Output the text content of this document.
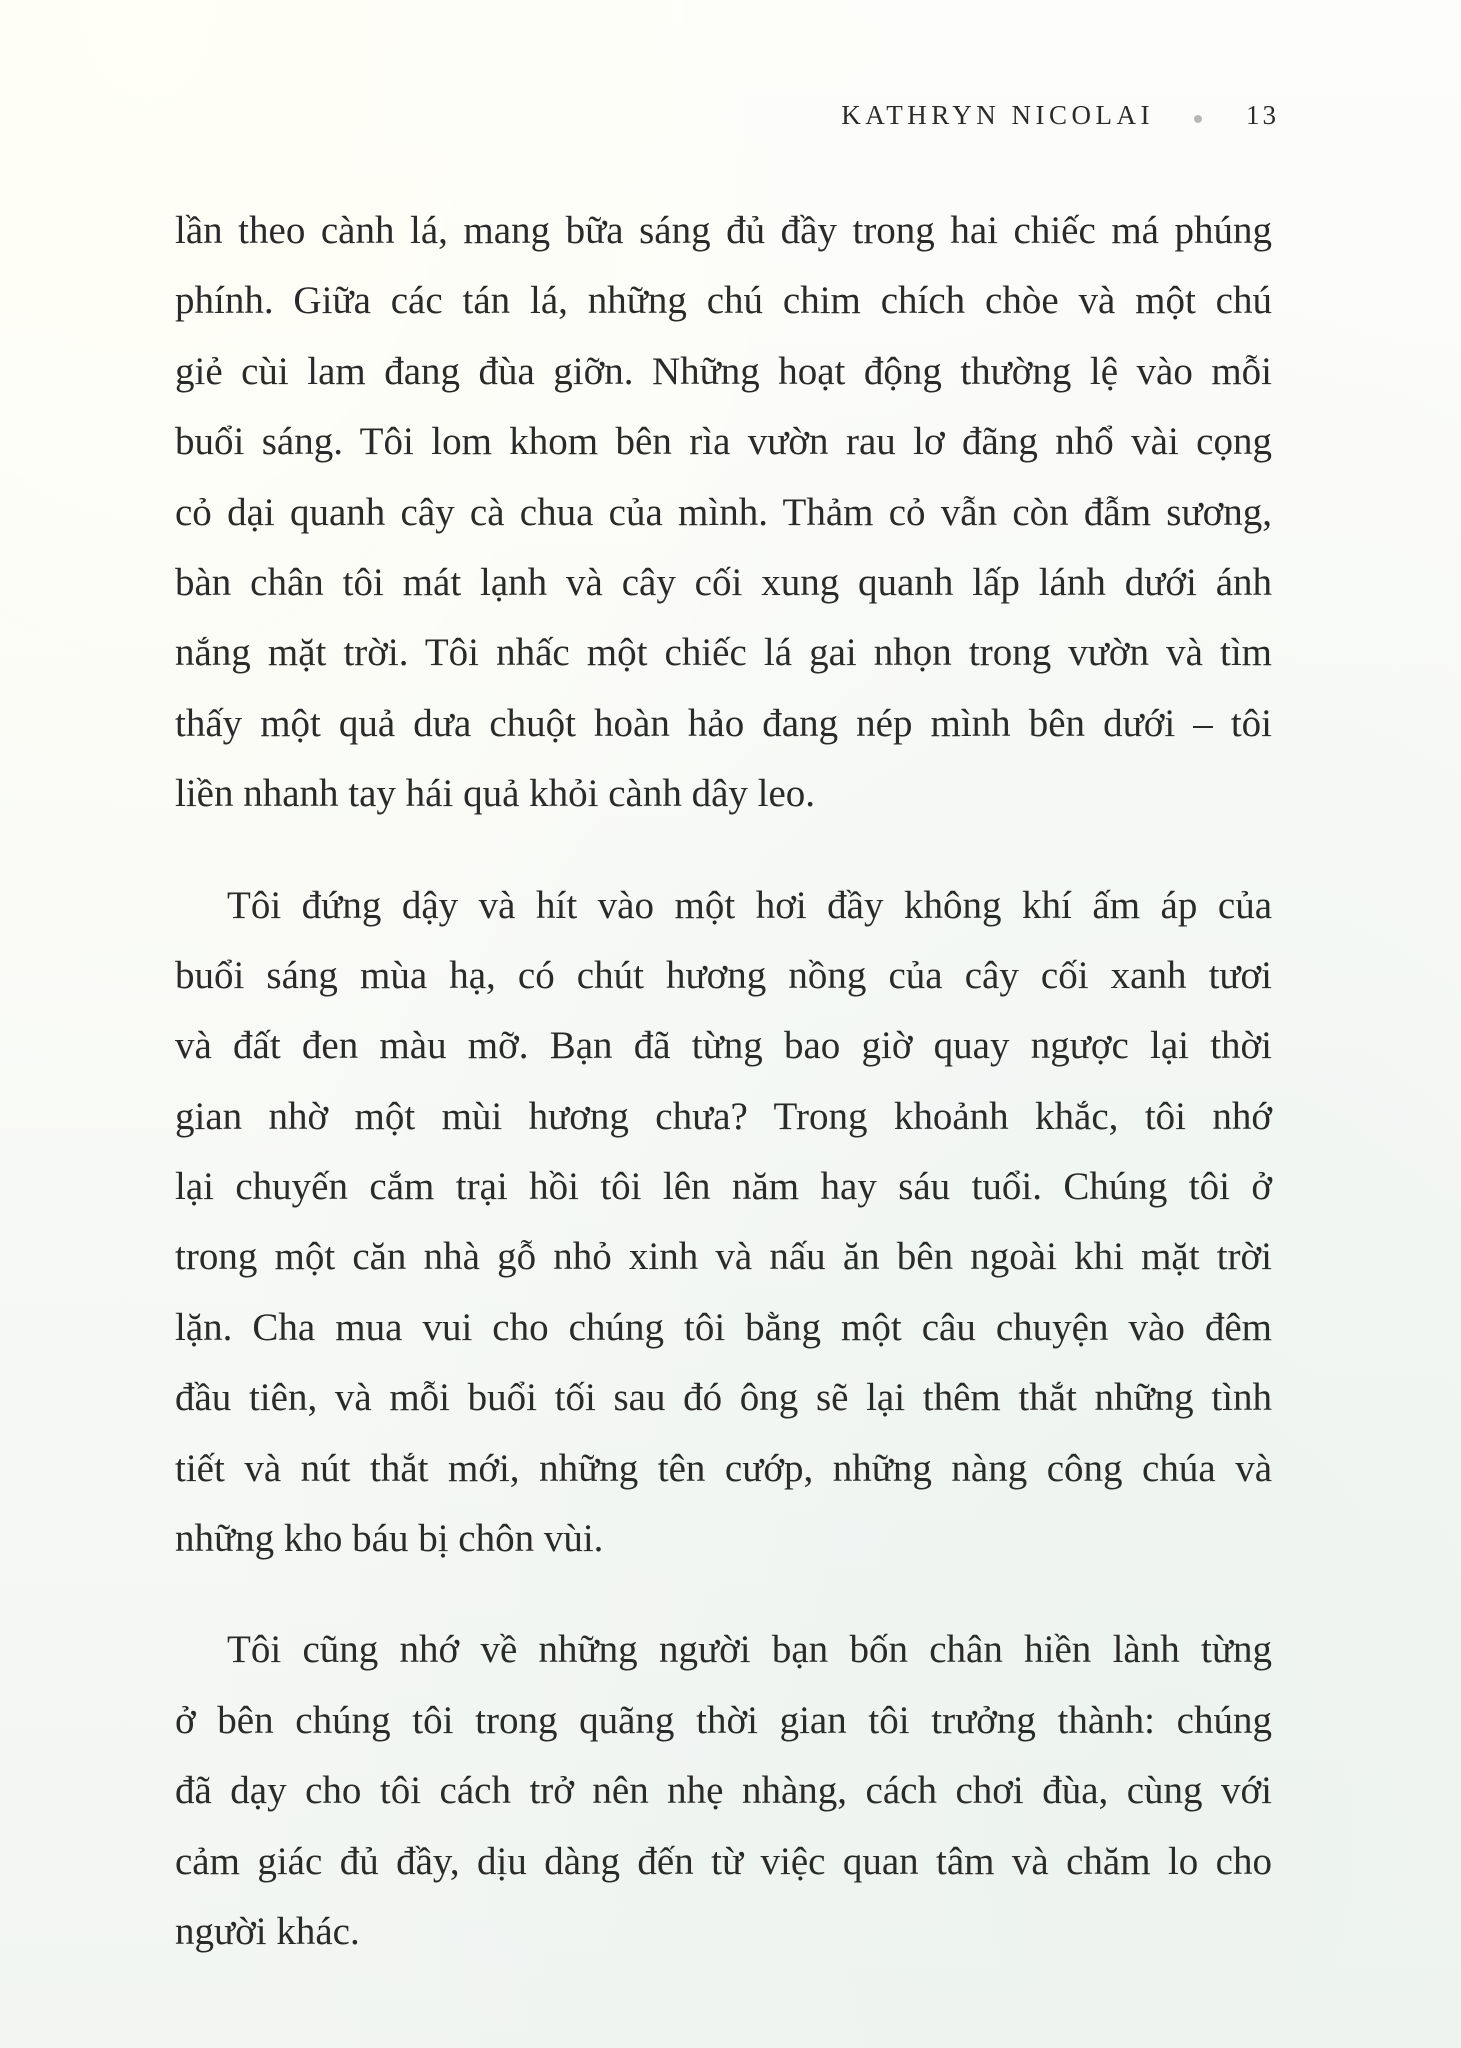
KATHRYN NICOLAI	13
lần theo cành lá, mang bữa sáng đủ đầy trong hai chiếc má phúng
phính. Giữa các tán lá, những chú chim chích chòe và một chú
giẻ cùi lam đang đùa giỡn. Những hoạt động thường lệ vào mỗi
buổi sáng. Tôi lom khom bên rìa vườn rau lơ đãng nhổ vài cọng
cỏ dại quanh cây cà chua của mình. Thảm cỏ vẫn còn đẫm sương,
bàn chân tôi mát lạnh và cây cối xung quanh lấp lánh dưới ánh
nắng mặt trời. Tôi nhấc một chiếc lá gai nhọn trong vườn và tìm
thấy một quả dưa chuột hoàn hảo đang nép mình bên dưới – tôi
liền nhanh tay hái quả khỏi cành dây leo.
Tôi đứng dậy và hít vào một hơi đầy không khí ấm áp của
buổi sáng mùa hạ, có chút hương nồng của cây cối xanh tươi
và đất đen màu mỡ. Bạn đã từng bao giờ quay ngược lại thời
gian nhờ một mùi hương chưa? Trong khoảnh khắc, tôi nhớ
lại chuyến cắm trại hồi tôi lên năm hay sáu tuổi. Chúng tôi ở
trong một căn nhà gỗ nhỏ xinh và nấu ăn bên ngoài khi mặt trời
lặn. Cha mua vui cho chúng tôi bằng một câu chuyện vào đêm
đầu tiên, và mỗi buổi tối sau đó ông sẽ lại thêm thắt những tình
tiết và nút thắt mới, những tên cướp, những nàng công chúa và
những kho báu bị chôn vùi.
Tôi cũng nhớ về những người bạn bốn chân hiền lành từng
ở bên chúng tôi trong quãng thời gian tôi trưởng thành: chúng
đã dạy cho tôi cách trở nên nhẹ nhàng, cách chơi đùa, cùng với
cảm giác đủ đầy, dịu dàng đến từ việc quan tâm và chăm lo cho
người khác.
